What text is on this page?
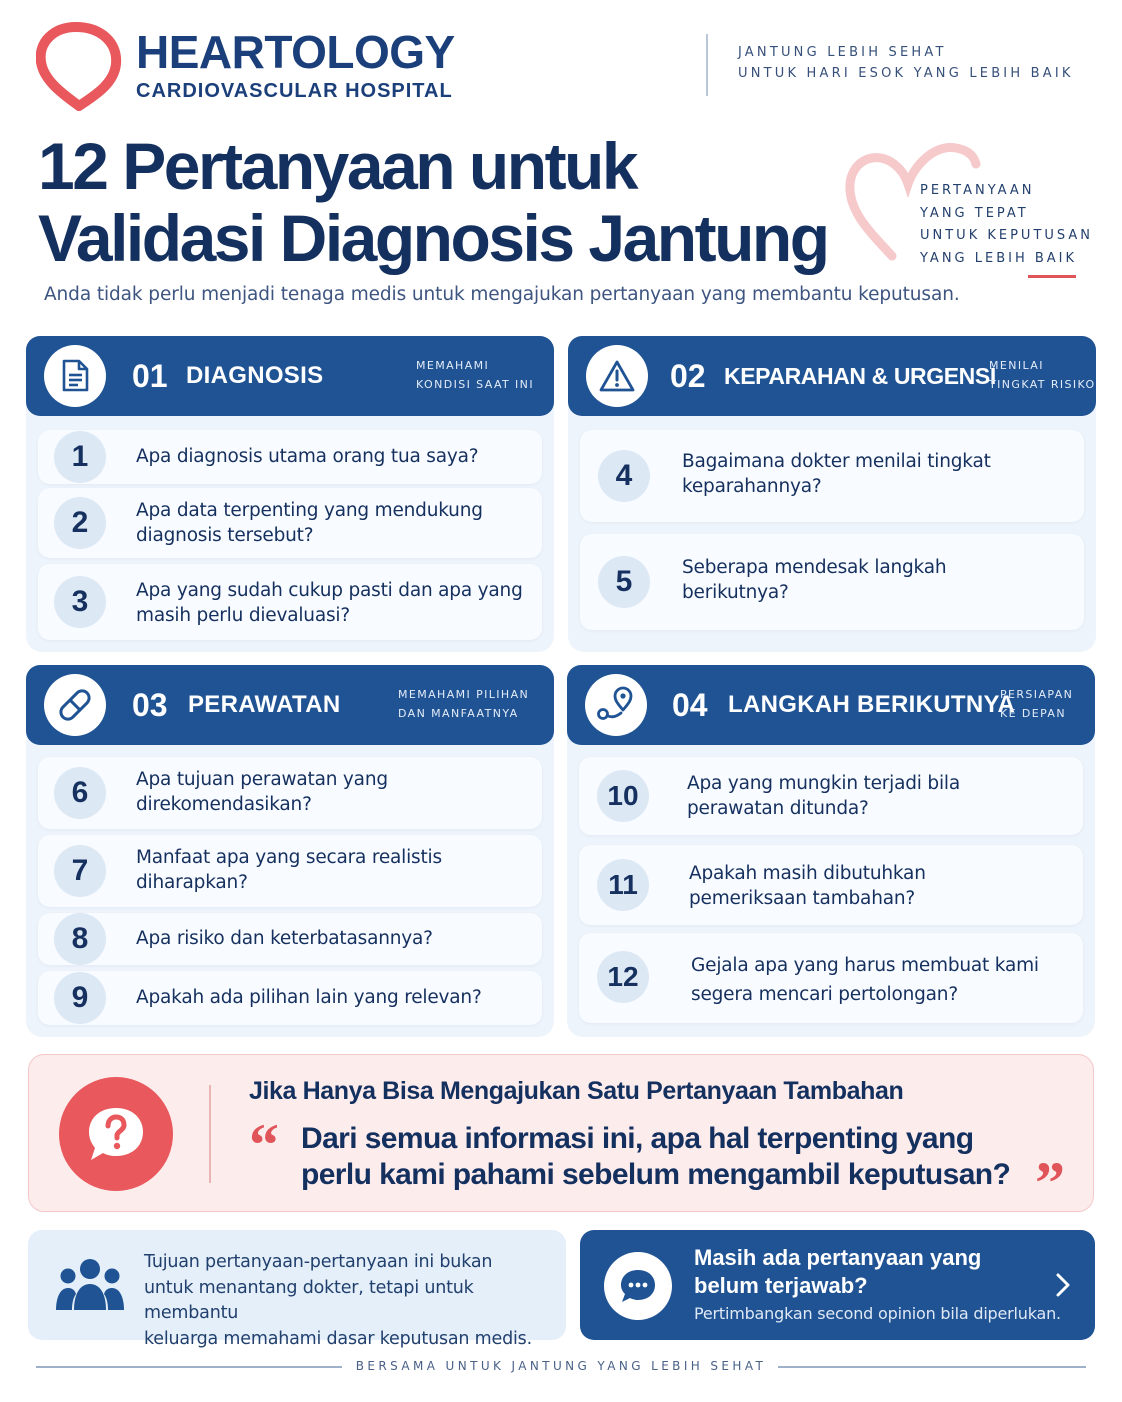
HEARTOLOGY
CARDIOVASCULAR HOSPITAL
JANTUNG LEBIH SEHAT
UNTUK HARI ESOK YANG LEBIH BAIK
12 Pertanyaan untuk
Validasi Diagnosis Jantung
PERTANYAAN
YANG TEPAT
UNTUK KEPUTUSAN
YANG LEBIH BAIK
Anda tidak perlu menjadi tenaga medis untuk mengajukan pertanyaan yang membantu keputusan.
01 DIAGNOSIS	MEMAHAMI
KONDISI SAAT INI
1	Apa diagnosis utama orang tua saya?
2	Apa data terpenting yang mendukung
diagnosis tersebut?
3	Apa yang sudah cukup pasti dan apa yang
masih perlu dievaluasi?
02 KEPARAHAN & URGENSI
MENILAI
TINGKAT RISIKO
4	Bagaimana dokter menilai tingkat
keparahannya?
5	Seberapa mendesak langkah
berikutnya?
03 PERAWATAN	MEMAHAMI PILIHAN
DAN MANFAATNYA
6	Apa tujuan perawatan yang
direkomendasikan?
7	Manfaat apa yang secara realistis
diharapkan?
8	Apa risiko dan keterbatasannya?
9	Apakah ada pilihan lain yang relevan?
04 LANGKAH BERIKUTNYA
PERSIAPAN
KE DEPAN
10	Apa yang mungkin terjadi bila
perawatan ditunda?
11	Apakah masih dibutuhkan
pemeriksaan tambahan?
12	Gejala apa yang harus membuat kami
segera mencari pertolongan?
Jika Hanya Bisa Mengajukan Satu Pertanyaan Tambahan
“ Dari semua informasi ini, apa hal terpenting yang
perlu kami pahami sebelum mengambil keputusan? ”
Tujuan pertanyaan-pertanyaan ini bukan
untuk menantang dokter, tetapi untuk membantu
keluarga memahami dasar keputusan medis.
Masih ada pertanyaan yang
belum terjawab?
Pertimbangkan second opinion bila diperlukan.
BERSAMA UNTUK JANTUNG YANG LEBIH SEHAT
